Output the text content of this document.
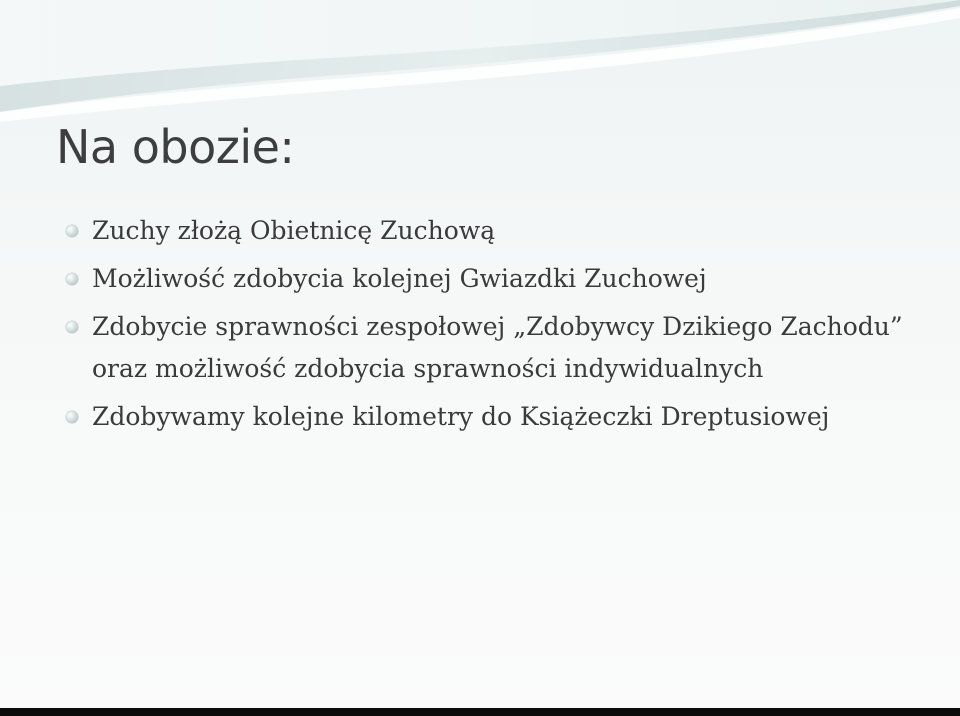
Na obozie:
Zuchy złożą Obietnicę Zuchową
Możliwość zdobycia kolejnej Gwiazdki Zuchowej
Zdobycie sprawności zespołowej „Zdobywcy Dzikiego Zachodu” oraz możliwość zdobycia sprawności indywidualnych
Zdobywamy kolejne kilometry do Książeczki Dreptusiowej
